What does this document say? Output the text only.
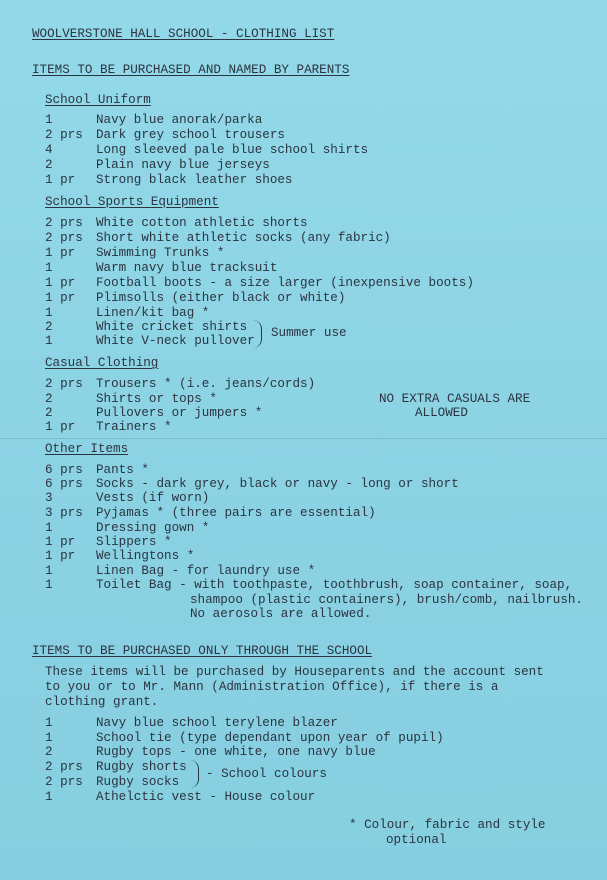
WOOLVERSTONE HALL SCHOOL - CLOTHING LIST
ITEMS TO BE PURCHASED AND NAMED BY PARENTS
School Uniform
1	Navy blue anorak/parka
2 prs Dark grey school trousers
4	Long sleeved pale blue school shirts
2	Plain navy blue jerseys
1 pr Strong black leather shoes
School Sports Equipment
2 prs White cotton athletic shorts
2 prs Short white athletic socks (any fabric)
1 pr Swimming Trunks *
1	Warm navy blue tracksuit
1 pr Football boots - a size larger (inexpensive boots)
1 pr Plimsolls (either black or white)
1	Linen/kit bag *
2	White cricket shirts
1	White V-neck pullover
Summer use
Casual Clothing
2 prs Trousers * (i.e. jeans/cords)
2	Shirts or tops *
2	Pullovers or jumpers *
1 pr Trainers *
NO EXTRA CASUALS ARE
ALLOWED
Other Items
6 prs Pants *
6 prs Socks - dark grey, black or navy - long or short
3	Vests (if worn)
3 prs Pyjamas * (three pairs are essential)
1	Dressing gown *
1 pr Slippers *
1 pr Wellingtons *
1	Linen Bag - for laundry use *
1	Toilet Bag - with toothpaste, toothbrush, soap container, soap,
shampoo (plastic containers), brush/comb, nailbrush.
No aerosols are allowed.
ITEMS TO BE PURCHASED ONLY THROUGH THE SCHOOL
These items will be purchased by Houseparents and the account sent
to you or to Mr. Mann (Administration Office), if there is a
clothing grant.
1	Navy blue school terylene blazer
1	School tie (type dependant upon year of pupil)
2	Rugby tops - one white, one navy blue
2 prs Rugby shorts
2 prs Rugby socks
1	Athelctic vest - House colour
- School colours
* Colour, fabric and style
optional
